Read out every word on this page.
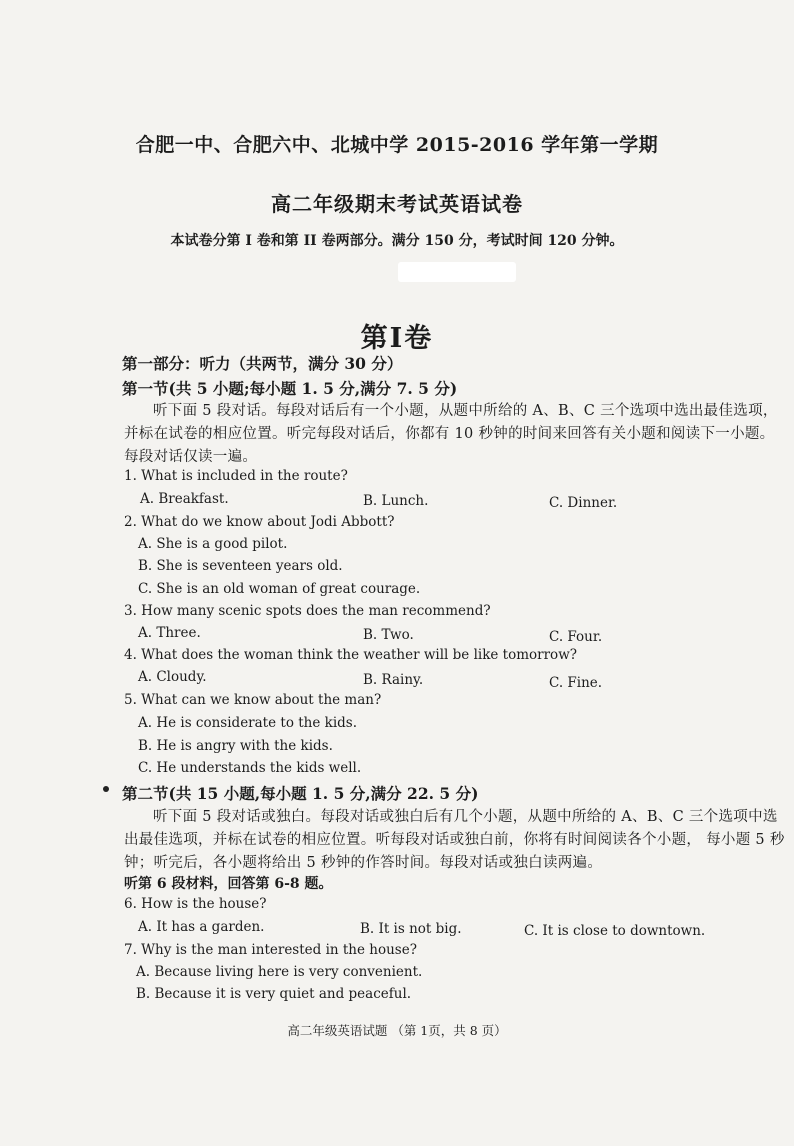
合肥一中、合肥六中、北城中学 2015-2016 学年第一学期
高二年级期末考试英语试卷
本试卷分第 I 卷和第 II 卷两部分。满分 150 分，考试时间 120 分钟。
第I卷
第一部分：听力（共两节，满分 30 分）
第一节(共 5 小题;每小题 1. 5 分,满分 7. 5 分)
听下面 5 段对话。每段对话后有一个小题，从题中所给的 A、B、C 三个选项中选出最佳选项，并标在试卷的相应位置。听完每段对话后，你都有 10 秒钟的时间来回答有关小题和阅读下一小题。每段对话仅读一遍。
1. What is included in the route?
A. Breakfast.	B. Lunch.	C. Dinner.
2. What do we know about Jodi Abbott?
A. She is a good pilot.
B. She is seventeen years old.
C. She is an old woman of great courage.
3. How many scenic spots does the man recommend?
A. Three.	B. Two.	C. Four.
4. What does the woman think the weather will be like tomorrow?
A. Cloudy.	B. Rainy.	C. Fine.
5. What can we know about the man?
A. He is considerate to the kids.
B. He is angry with the kids.
C. He understands the kids well.
第二节(共 15 小题,每小题 1. 5 分,满分 22. 5 分)
听下面 5 段对话或独白。每段对话或独白后有几个小题，从题中所给的 A、B、C 三个选项中选出最佳选项，并标在试卷的相应位置。听每段对话或独白前，你将有时间阅读各个小题， 每小题 5 秒钟；听完后，各小题将给出 5 秒钟的作答时间。每段对话或独白读两遍。
听第 6 段材料，回答第 6-8 题。
6. How is the house?
A. It has a garden.	B. It is not big.	C. It is close to downtown.
7. Why is the man interested in the house?
A. Because living here is very convenient.
B. Because it is very quiet and peaceful.
高二年级英语试题 （第 1页，共 8 页）
